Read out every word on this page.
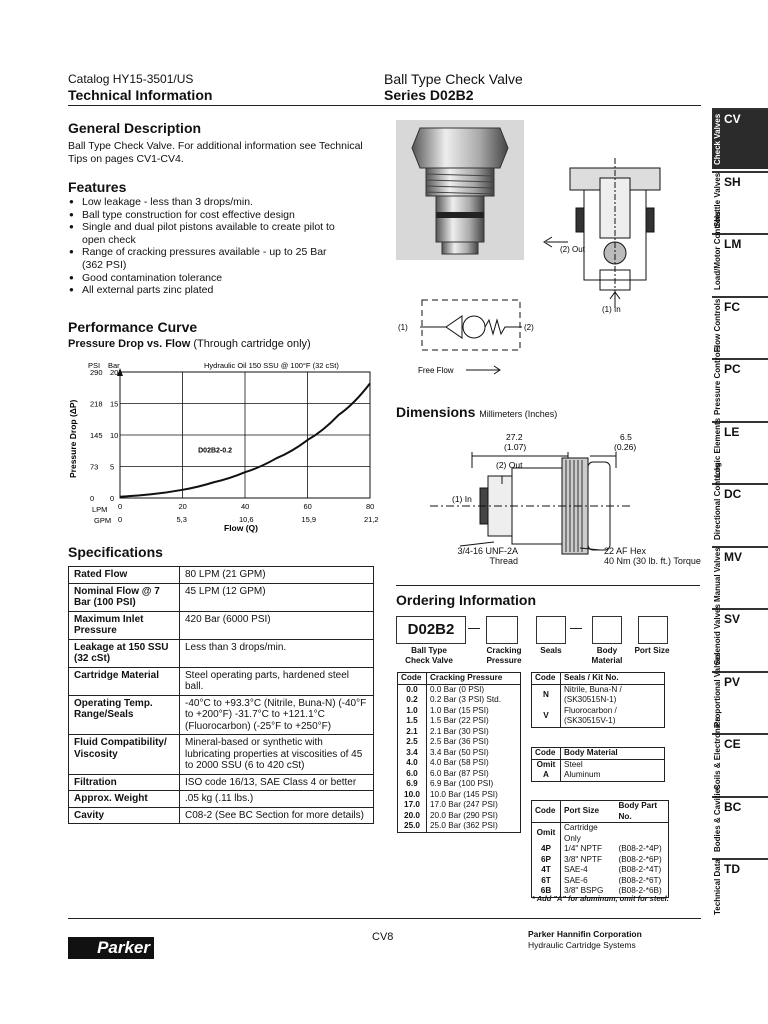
Catalog HY15-3501/US
Technical Information
Ball Type Check Valve
Series D02B2
General Description
Ball Type Check Valve. For additional information see Technical Tips on pages CV1-CV4.
Features
● Low leakage - less than 3 drops/min.
● Ball type construction for cost effective design
● Single and dual pilot pistons available to create pilot to open check
● Range of cracking pressures available - up to 25 Bar (362 PSI)
● Good contamination tolerance
● All external parts zinc plated
Performance Curve
Pressure Drop vs. Flow (Through cartridge only)
0
0
20
5,3
40
10,6
60
15,9
80
21,2
20
290
15
218
10
145
5
73
0
0
D02B2-0.2
Hydraulic Oil 150 SSU @ 100°F (32 cSt)
PSI Bar
LPM
GPM
Flow (Q)
Pressure Drop (ΔP)
Specifications
Rated Flow	80 LPM (21 GPM)
Nominal Flow @ 7 Bar (100 PSI)	45 LPM (12 GPM)
Maximum Inlet Pressure	420 Bar (6000 PSI)
Leakage at 150 SSU (32 cSt)	Less than 3 drops/min.
Cartridge Material	Steel operating parts, hardened steel ball.
Operating Temp. Range/Seals	-40°C to +93.3°C (Nitrile, Buna-N) (-40°F to +200°F) -31.7°C to +121.1°C (Fluorocarbon) (-25°F to +250°F)
Fluid Compatibility/ Viscosity	Mineral-based or synthetic with lubricating properties at viscosities of 45 to 2000 SSU (6 to 420 cSt)
Filtration	ISO code 16/13, SAE Class 4 or better
Approx. Weight	.05 kg (.11 lbs.)
Cavity	C08-2 (See BC Section for more details)
(2) Out
(1) In
(1)	(2)
Free Flow
Dimensions Millimeters (Inches)
27.2
(1.07)
6.5
(0.26)
(2) Out
(1) In
3/4-16 UNF-2A Thread
22 AF Hex
40 Nm (30 lb. ft.) Torque
Ordering Information
D02B2
Ball Type Check Valve
Cracking Pressure
Seals	Body Material
Port Size
Code	Cracking Pressure
0.0	0.0 Bar (0 PSI)
0.2	0.2 Bar (3 PSI) Std.
1.0	1.0 Bar (15 PSI)
1.5	1.5 Bar (22 PSI)
2.1	2.1 Bar (30 PSI)
2.5	2.5 Bar (36 PSI)
3.4	3.4 Bar (50 PSI)
4.0	4.0 Bar (58 PSI)
6.0	6.0 Bar (87 PSI)
6.9	6.9 Bar (100 PSI)
10.0	10.0 Bar (145 PSI)
17.0	17.0 Bar (247 PSI)
20.0	20.0 Bar (290 PSI)
25.0	25.0 Bar (362 PSI)
Code	Seals / Kit No.
N	Nitrile, Buna-N / (SK30515N-1)
V	Fluorocarbon / (SK30515V-1)
Code	Body Material
Omit	Steel
A	Aluminum
Code	Port Size	Body Part No.
Omit	Cartridge Only	
4P	1/4" NPTF	(B08-2-*4P)
6P	3/8" NPTF	(B08-2-*6P)
4T	SAE-4	(B08-2-*4T)
6T	SAE-6	(B08-2-*6T)
6B	3/8" BSPG	(B08-2-*6B)
* Add "A" for aluminum, omit for steel.
Parker
CV8	Parker Hannifin Corporation
Hydraulic Cartridge Systems
CV
Check Valves
SH
Shuttle Valves
LM
Load/Motor Controls
FC
Flow Controls
PC
Pressure Controls
LE
Logic Elements
DC
Directional Controls
MV
Manual Valves
SV
Solenoid Valves
PV
Proportional Valves
CE
Coils & Electronics
BC
Bodies & Cavities
TD
Technical Data
